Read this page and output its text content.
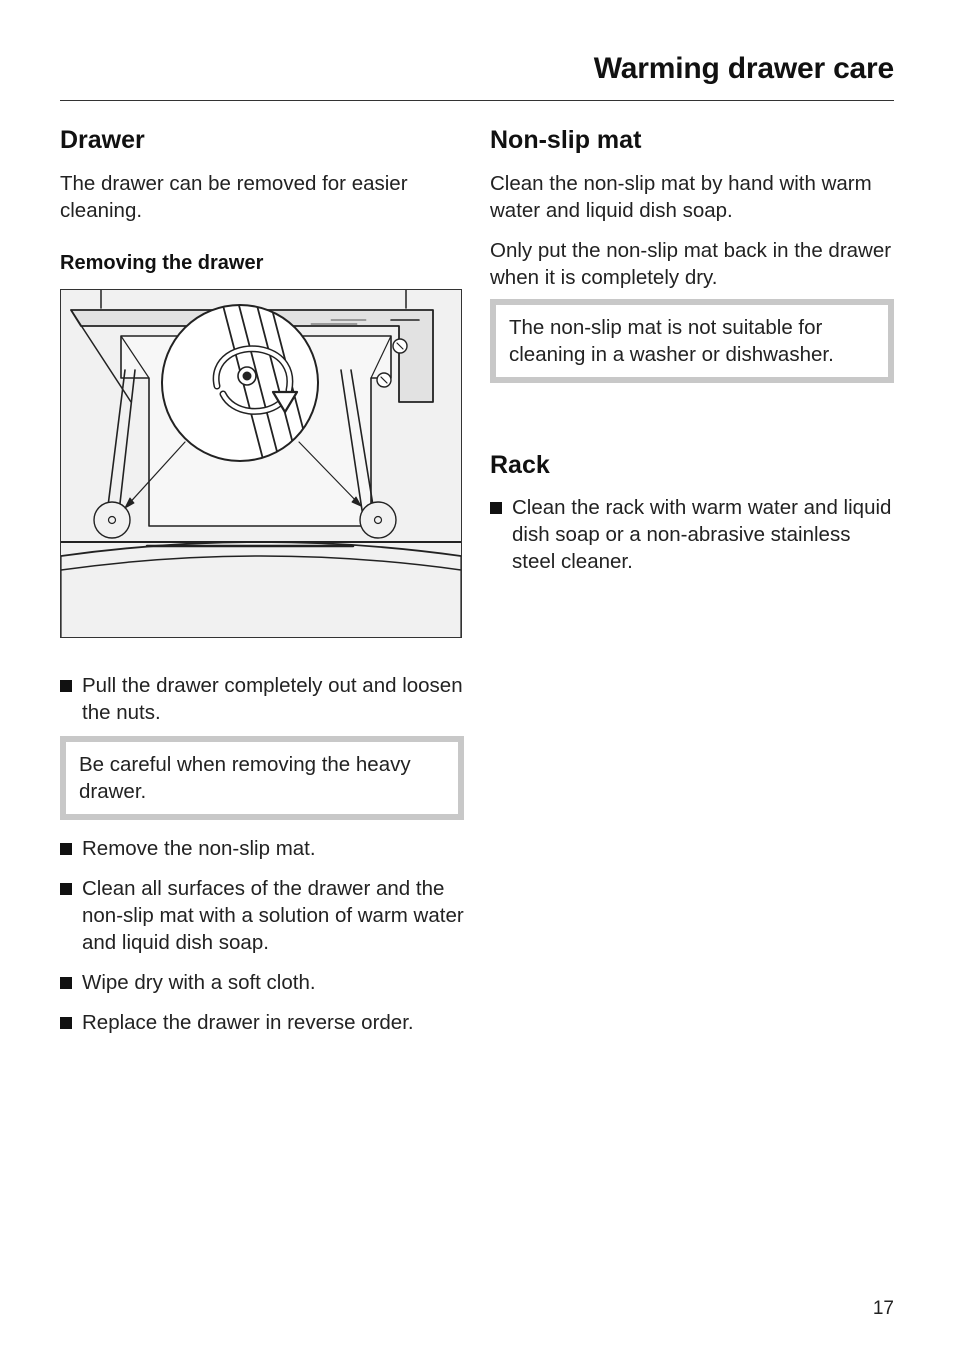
Warming drawer care
Drawer

The drawer can be removed for easier cleaning.

Removing the drawer
Pull the drawer completely out and loosen the nuts.
Be careful when removing the heavy drawer.
Remove the non-slip mat.
Clean all surfaces of the drawer and the non-slip mat with a solution of warm water and liquid dish soap.
Wipe dry with a soft cloth.
Replace the drawer in reverse order.
Non-slip mat

Clean the non-slip mat by hand with warm water and liquid dish soap.

Only put the non-slip mat back in the drawer when it is completely dry.

The non-slip mat is not suitable for cleaning in a washer or dishwasher.
Rack
Clean the rack with warm water and liquid dish soap or a non-abrasive stainless steel cleaner.
17
